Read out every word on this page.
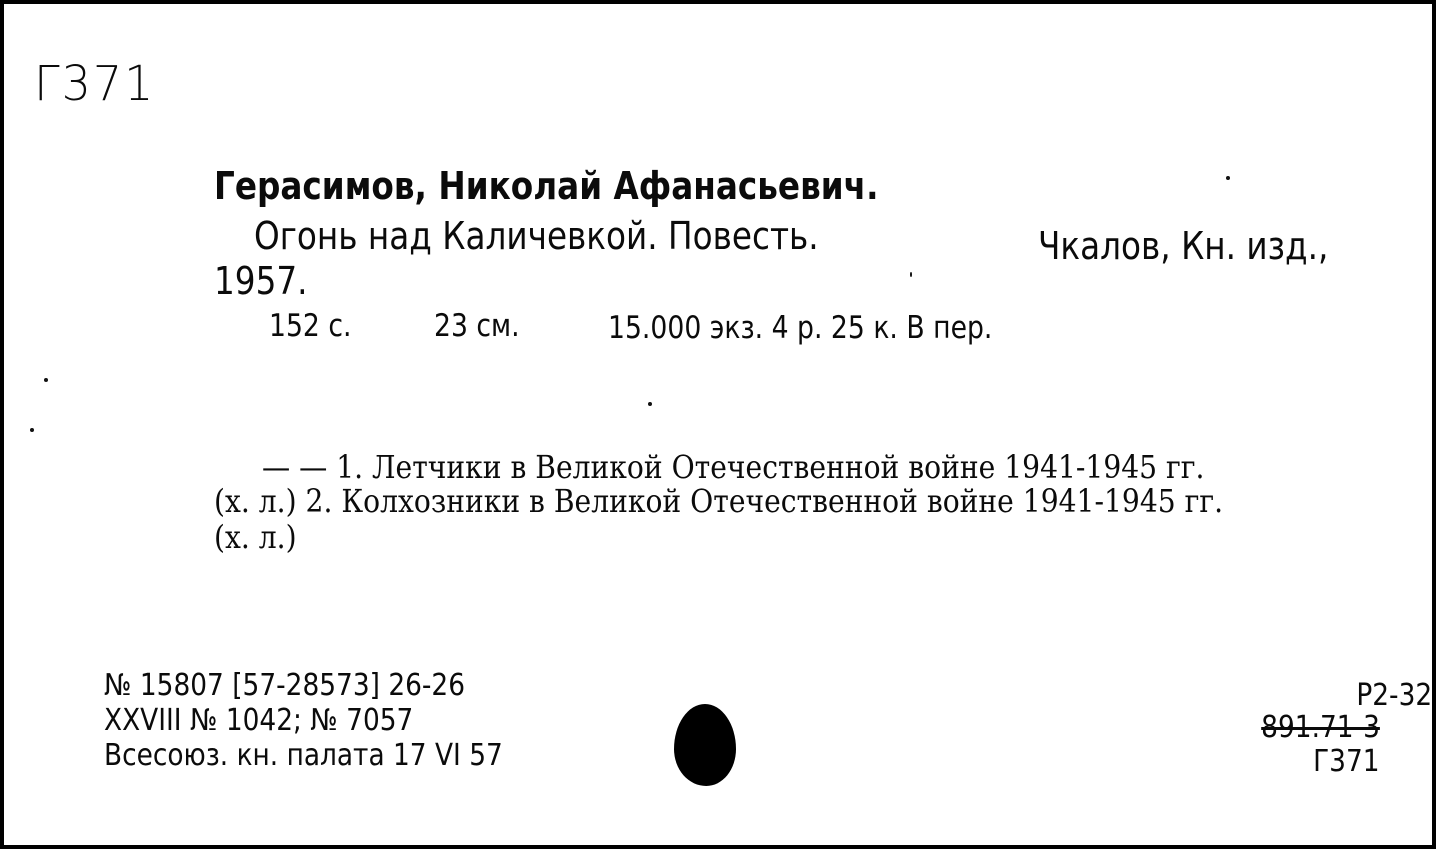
Г371
Герасимов, Николай Афанасьевич.
Огонь над Каличевкой. Повесть.	Чкалов, Кн. изд.,
1957.
152 с.	23 см.	15.000 экз. 4 р. 25 к. В пер.
— — 1. Летчики в Великой Отечественной войне 1941-1945 гг.
(х. л.) 2. Колхозники в Великой Отечественной войне 1941-1945 гг.
(х. л.)
№ 15807 [57-28573] 26-26
XXVIII № 1042; № 7057
Всесоюз. кн. палата 17 VI 57
Р2-32
891.71-3
Г371
